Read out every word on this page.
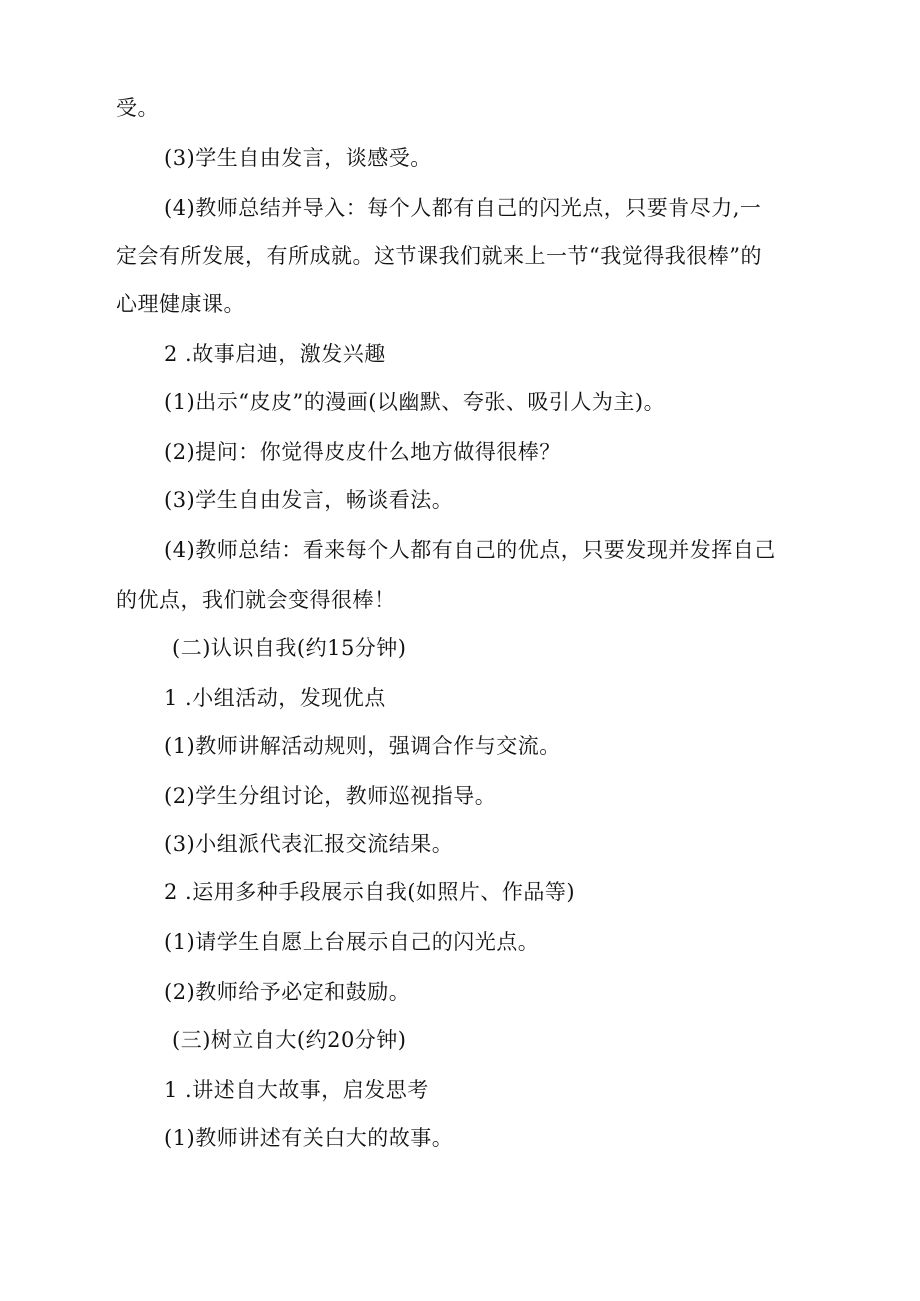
受。
(3)学生自由发言，谈感受。
(4)教师总结并导入：每个人都有自己的闪光点，只要肯尽力,一
定会有所发展，有所成就。这节课我们就来上一节“我觉得我很棒”的
心理健康课。
2 .故事启迪，激发兴趣
(1)出示“皮皮”的漫画(以幽默、夸张、吸引人为主)。
(2)提问：你觉得皮皮什么地方做得很棒？
(3)学生自由发言，畅谈看法。
(4)教师总结：看来每个人都有自己的优点，只要发现并发挥自己
的优点，我们就会变得很棒！
(二)认识自我(约15分钟)
1 .小组活动，发现优点
(1)教师讲解活动规则，强调合作与交流。
(2)学生分组讨论，教师巡视指导。
(3)小组派代表汇报交流结果。
2 .运用多种手段展示自我(如照片、作品等)
(1)请学生自愿上台展示自己的闪光点。
(2)教师给予必定和鼓励。
(三)树立自大(约20分钟)
1 .讲述自大故事，启发思考
(1)教师讲述有关白大的故事。
